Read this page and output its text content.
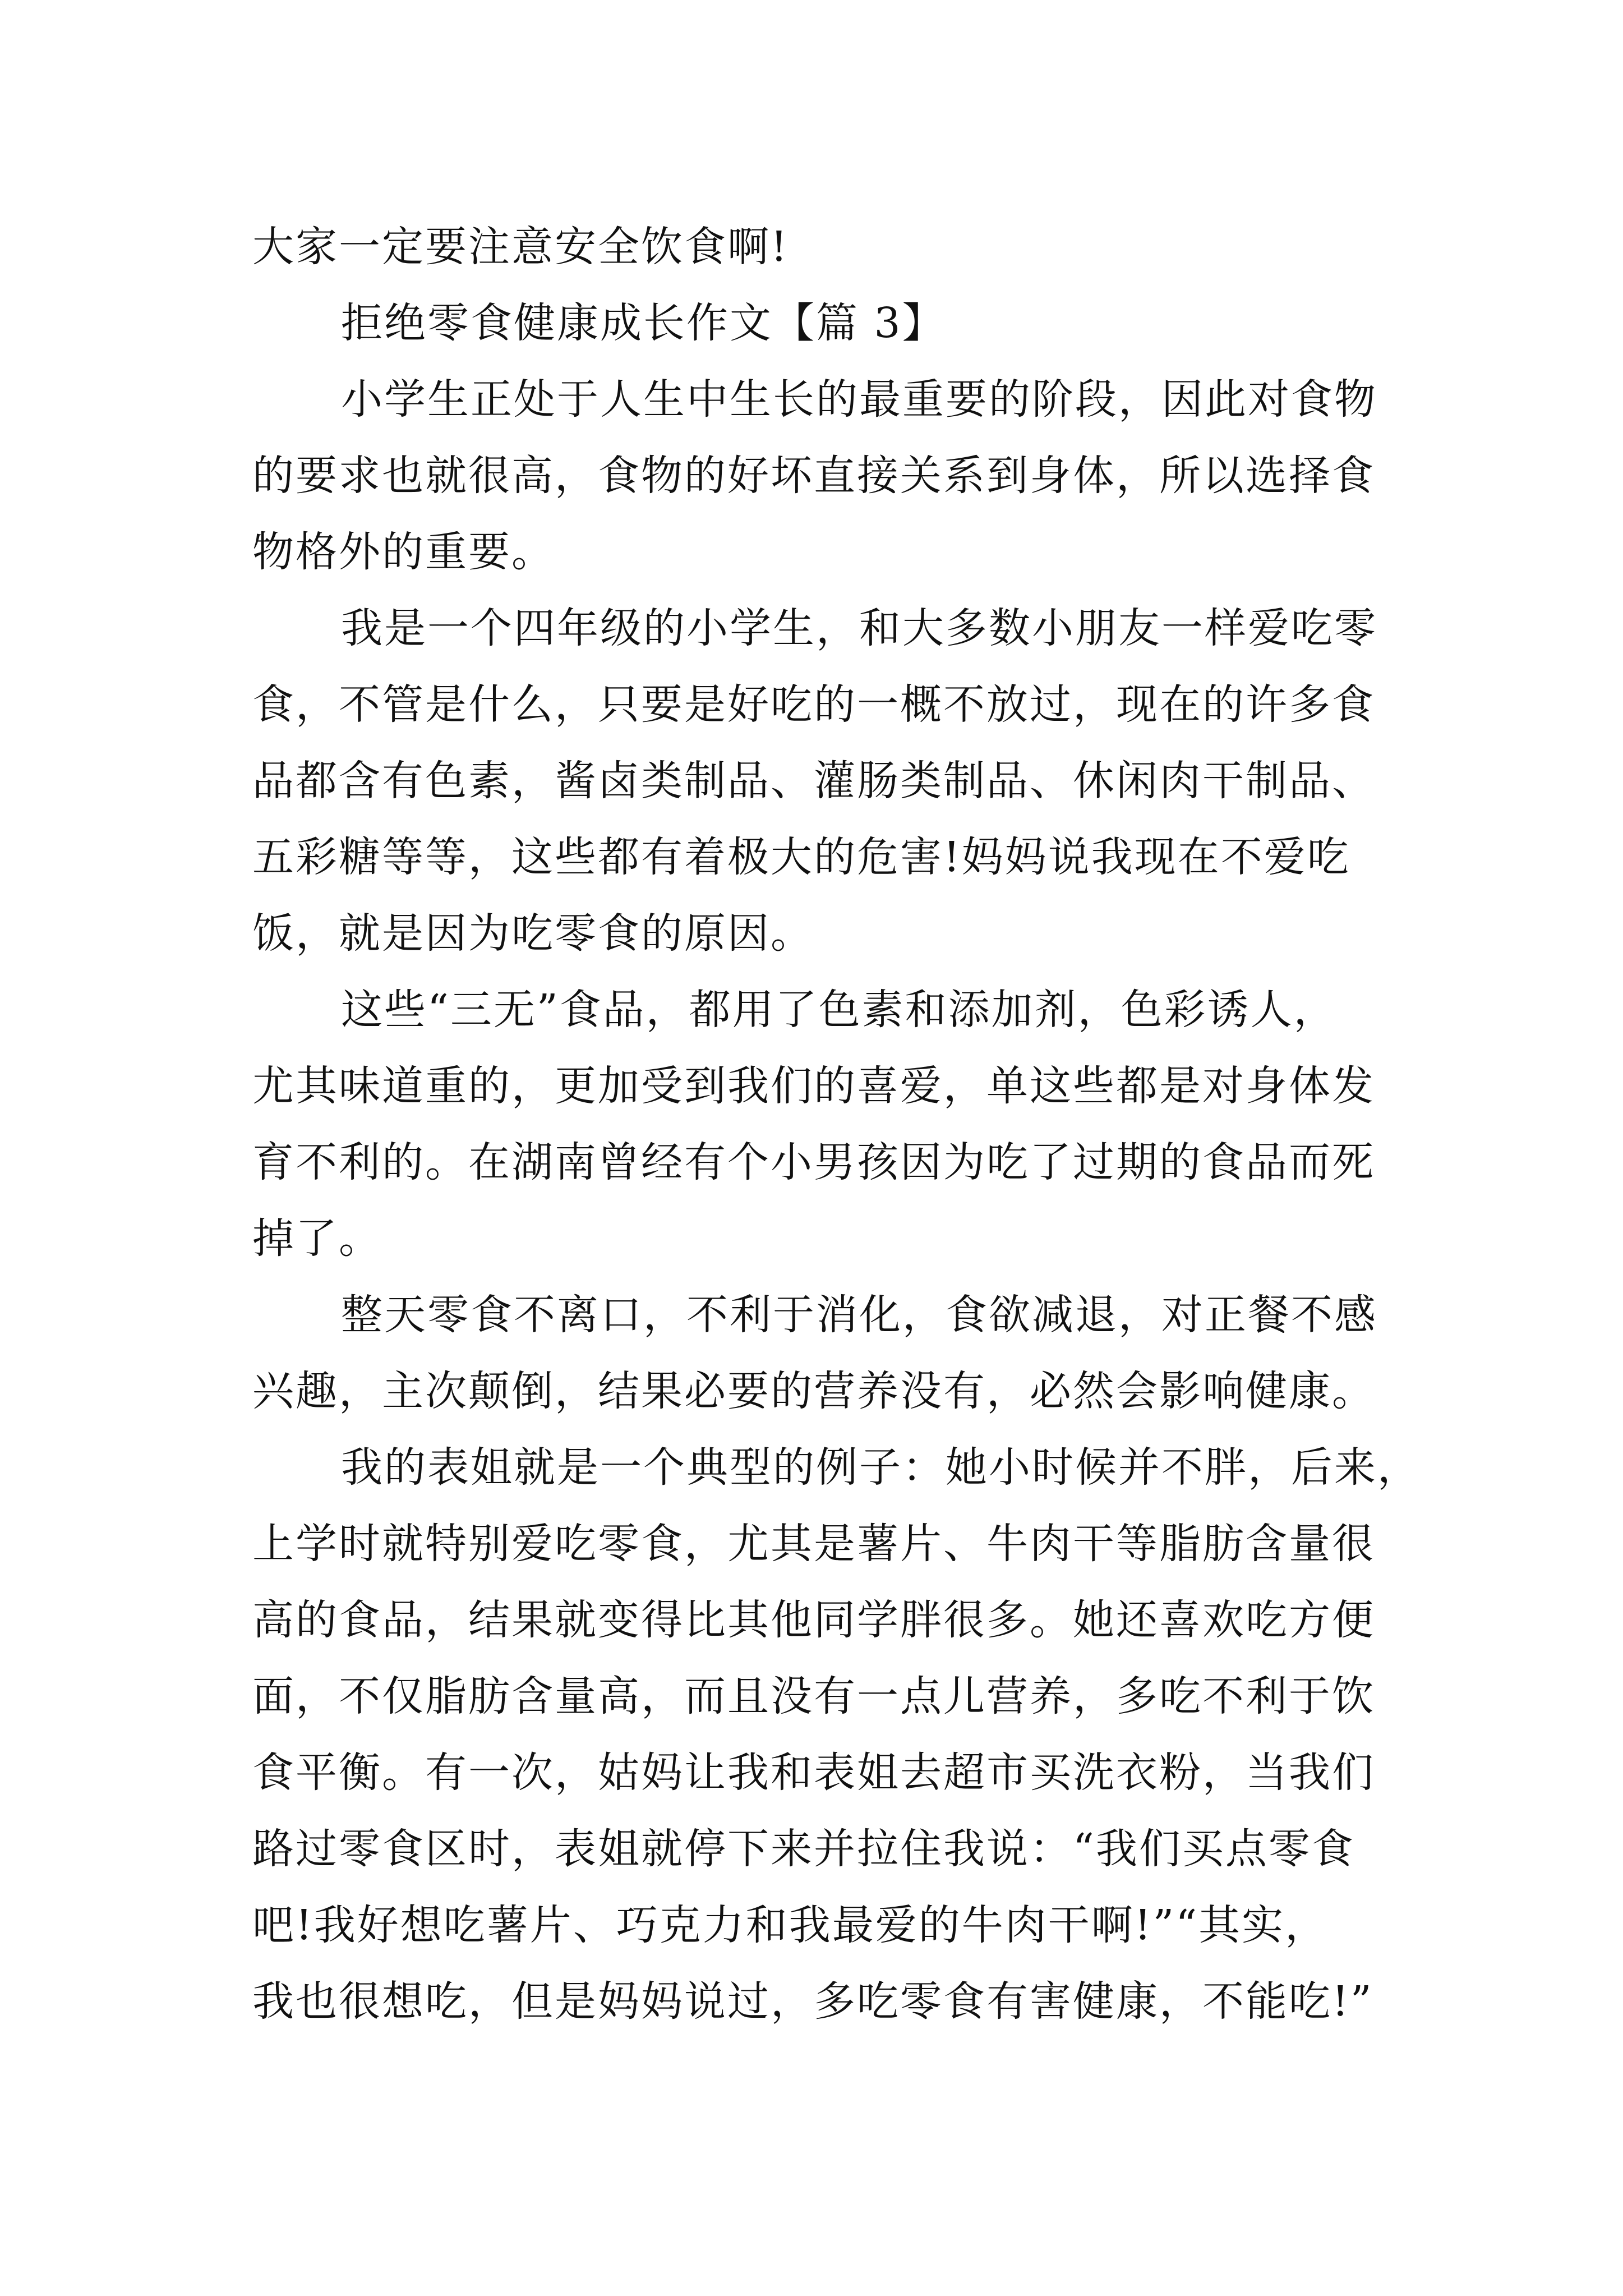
大家一定要注意安全饮食啊!
拒绝零食健康成长作文【篇 3】
小学生正处于人生中生长的最重要的阶段，因此对食物
的要求也就很高，食物的好坏直接关系到身体，所以选择食
物格外的重要。
我是一个四年级的小学生，和大多数小朋友一样爱吃零
食，不管是什么，只要是好吃的一概不放过，现在的许多食
品都含有色素，酱卤类制品、灌肠类制品、休闲肉干制品、
五彩糖等等，这些都有着极大的危害!妈妈说我现在不爱吃
饭，就是因为吃零食的原因。
这些“三无”食品，都用了色素和添加剂，色彩诱人，
尤其味道重的，更加受到我们的喜爱，单这些都是对身体发
育不利的。在湖南曾经有个小男孩因为吃了过期的食品而死
掉了。
整天零食不离口，不利于消化，食欲减退，对正餐不感
兴趣，主次颠倒，结果必要的营养没有，必然会影响健康。
我的表姐就是一个典型的例子：她小时候并不胖，后来，
上学时就特别爱吃零食，尤其是薯片、牛肉干等脂肪含量很
高的食品，结果就变得比其他同学胖很多。她还喜欢吃方便
面，不仅脂肪含量高，而且没有一点儿营养，多吃不利于饮
食平衡。有一次，姑妈让我和表姐去超市买洗衣粉，当我们
路过零食区时，表姐就停下来并拉住我说：“我们买点零食
吧!我好想吃薯片、巧克力和我最爱的牛肉干啊!”“其实，
我也很想吃，但是妈妈说过，多吃零食有害健康，不能吃!”
